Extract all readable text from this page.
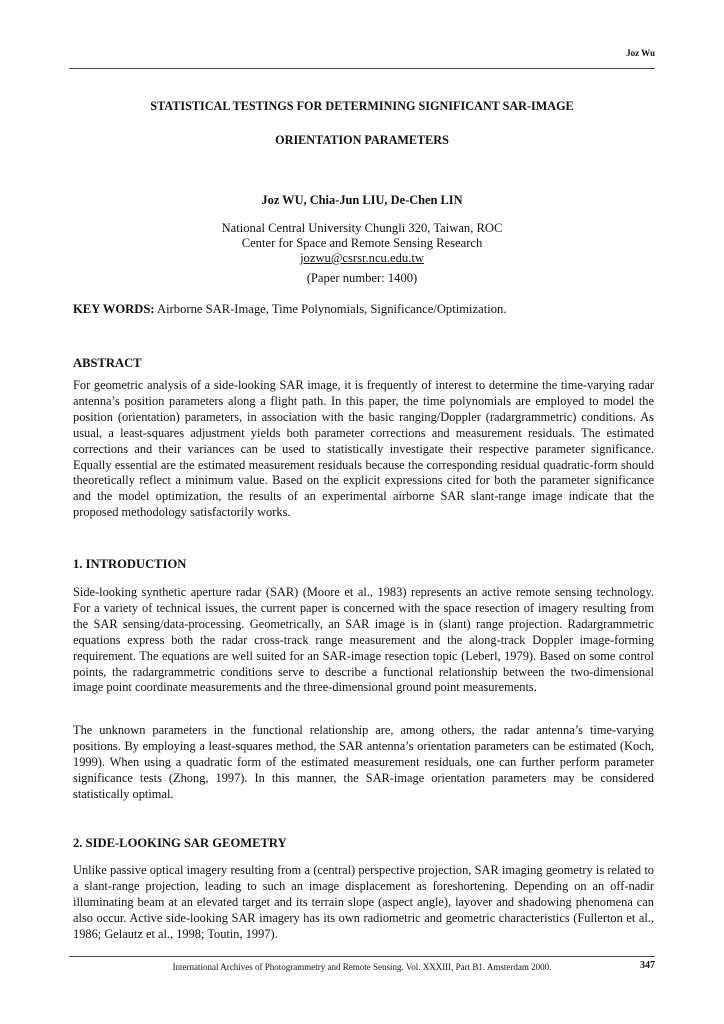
Joz Wu
STATISTICAL TESTINGS FOR DETERMINING SIGNIFICANT SAR-IMAGE
ORIENTATION PARAMETERS
Joz WU, Chia-Jun LIU, De-Chen LIN
National Central University Chungli 320, Taiwan, ROC
Center for Space and Remote Sensing Research
jozwu@csrsr.ncu.edu.tw
(Paper number: 1400)
KEY WORDS: Airborne SAR-Image, Time Polynomials, Significance/Optimization.
ABSTRACT
For geometric analysis of a side-looking SAR image, it is frequently of interest to determine the time-varying radar antenna’s position parameters along a flight path. In this paper, the time polynomials are employed to model the position (orientation) parameters, in association with the basic ranging/Doppler (radargrammetric) conditions. As usual, a least-squares adjustment yields both parameter corrections and measurement residuals. The estimated corrections and their variances can be used to statistically investigate their respective parameter significance. Equally essential are the estimated measurement residuals because the corresponding residual quadratic-form should theoretically reflect a minimum value. Based on the explicit expressions cited for both the parameter significance and the model optimization, the results of an experimental airborne SAR slant-range image indicate that the proposed methodology satisfactorily works.
1. INTRODUCTION
Side-looking synthetic aperture radar (SAR) (Moore et al., 1983) represents an active remote sensing technology. For a variety of technical issues, the current paper is concerned with the space resection of imagery resulting from the SAR sensing/data-processing. Geometrically, an SAR image is in (slant) range projection. Radargrammetric equations express both the radar cross-track range measurement and the along-track Doppler image-forming requirement. The equations are well suited for an SAR-image resection topic (Leberl, 1979). Based on some control points, the radargrammetric conditions serve to describe a functional relationship between the two-dimensional image point coordinate measurements and the three-dimensional ground point measurements.
The unknown parameters in the functional relationship are, among others, the radar antenna’s time-varying positions. By employing a least-squares method, the SAR antenna’s orientation parameters can be estimated (Koch, 1999). When using a quadratic form of the estimated measurement residuals, one can further perform parameter significance tests (Zhong, 1997). In this manner, the SAR-image orientation parameters may be considered statistically optimal.
2. SIDE-LOOKING SAR GEOMETRY
Unlike passive optical imagery resulting from a (central) perspective projection, SAR imaging geometry is related to a slant-range projection, leading to such an image displacement as foreshortening. Depending on an off-nadir illuminating beam at an elevated target and its terrain slope (aspect angle), layover and shadowing phenomena can also occur. Active side-looking SAR imagery has its own radiometric and geometric characteristics (Fullerton et al., 1986; Gelautz et al., 1998; Toutin, 1997).
International Archives of Photogrammetry and Remote Sensing. Vol. XXXIII, Part B1. Amsterdam 2000.	347
